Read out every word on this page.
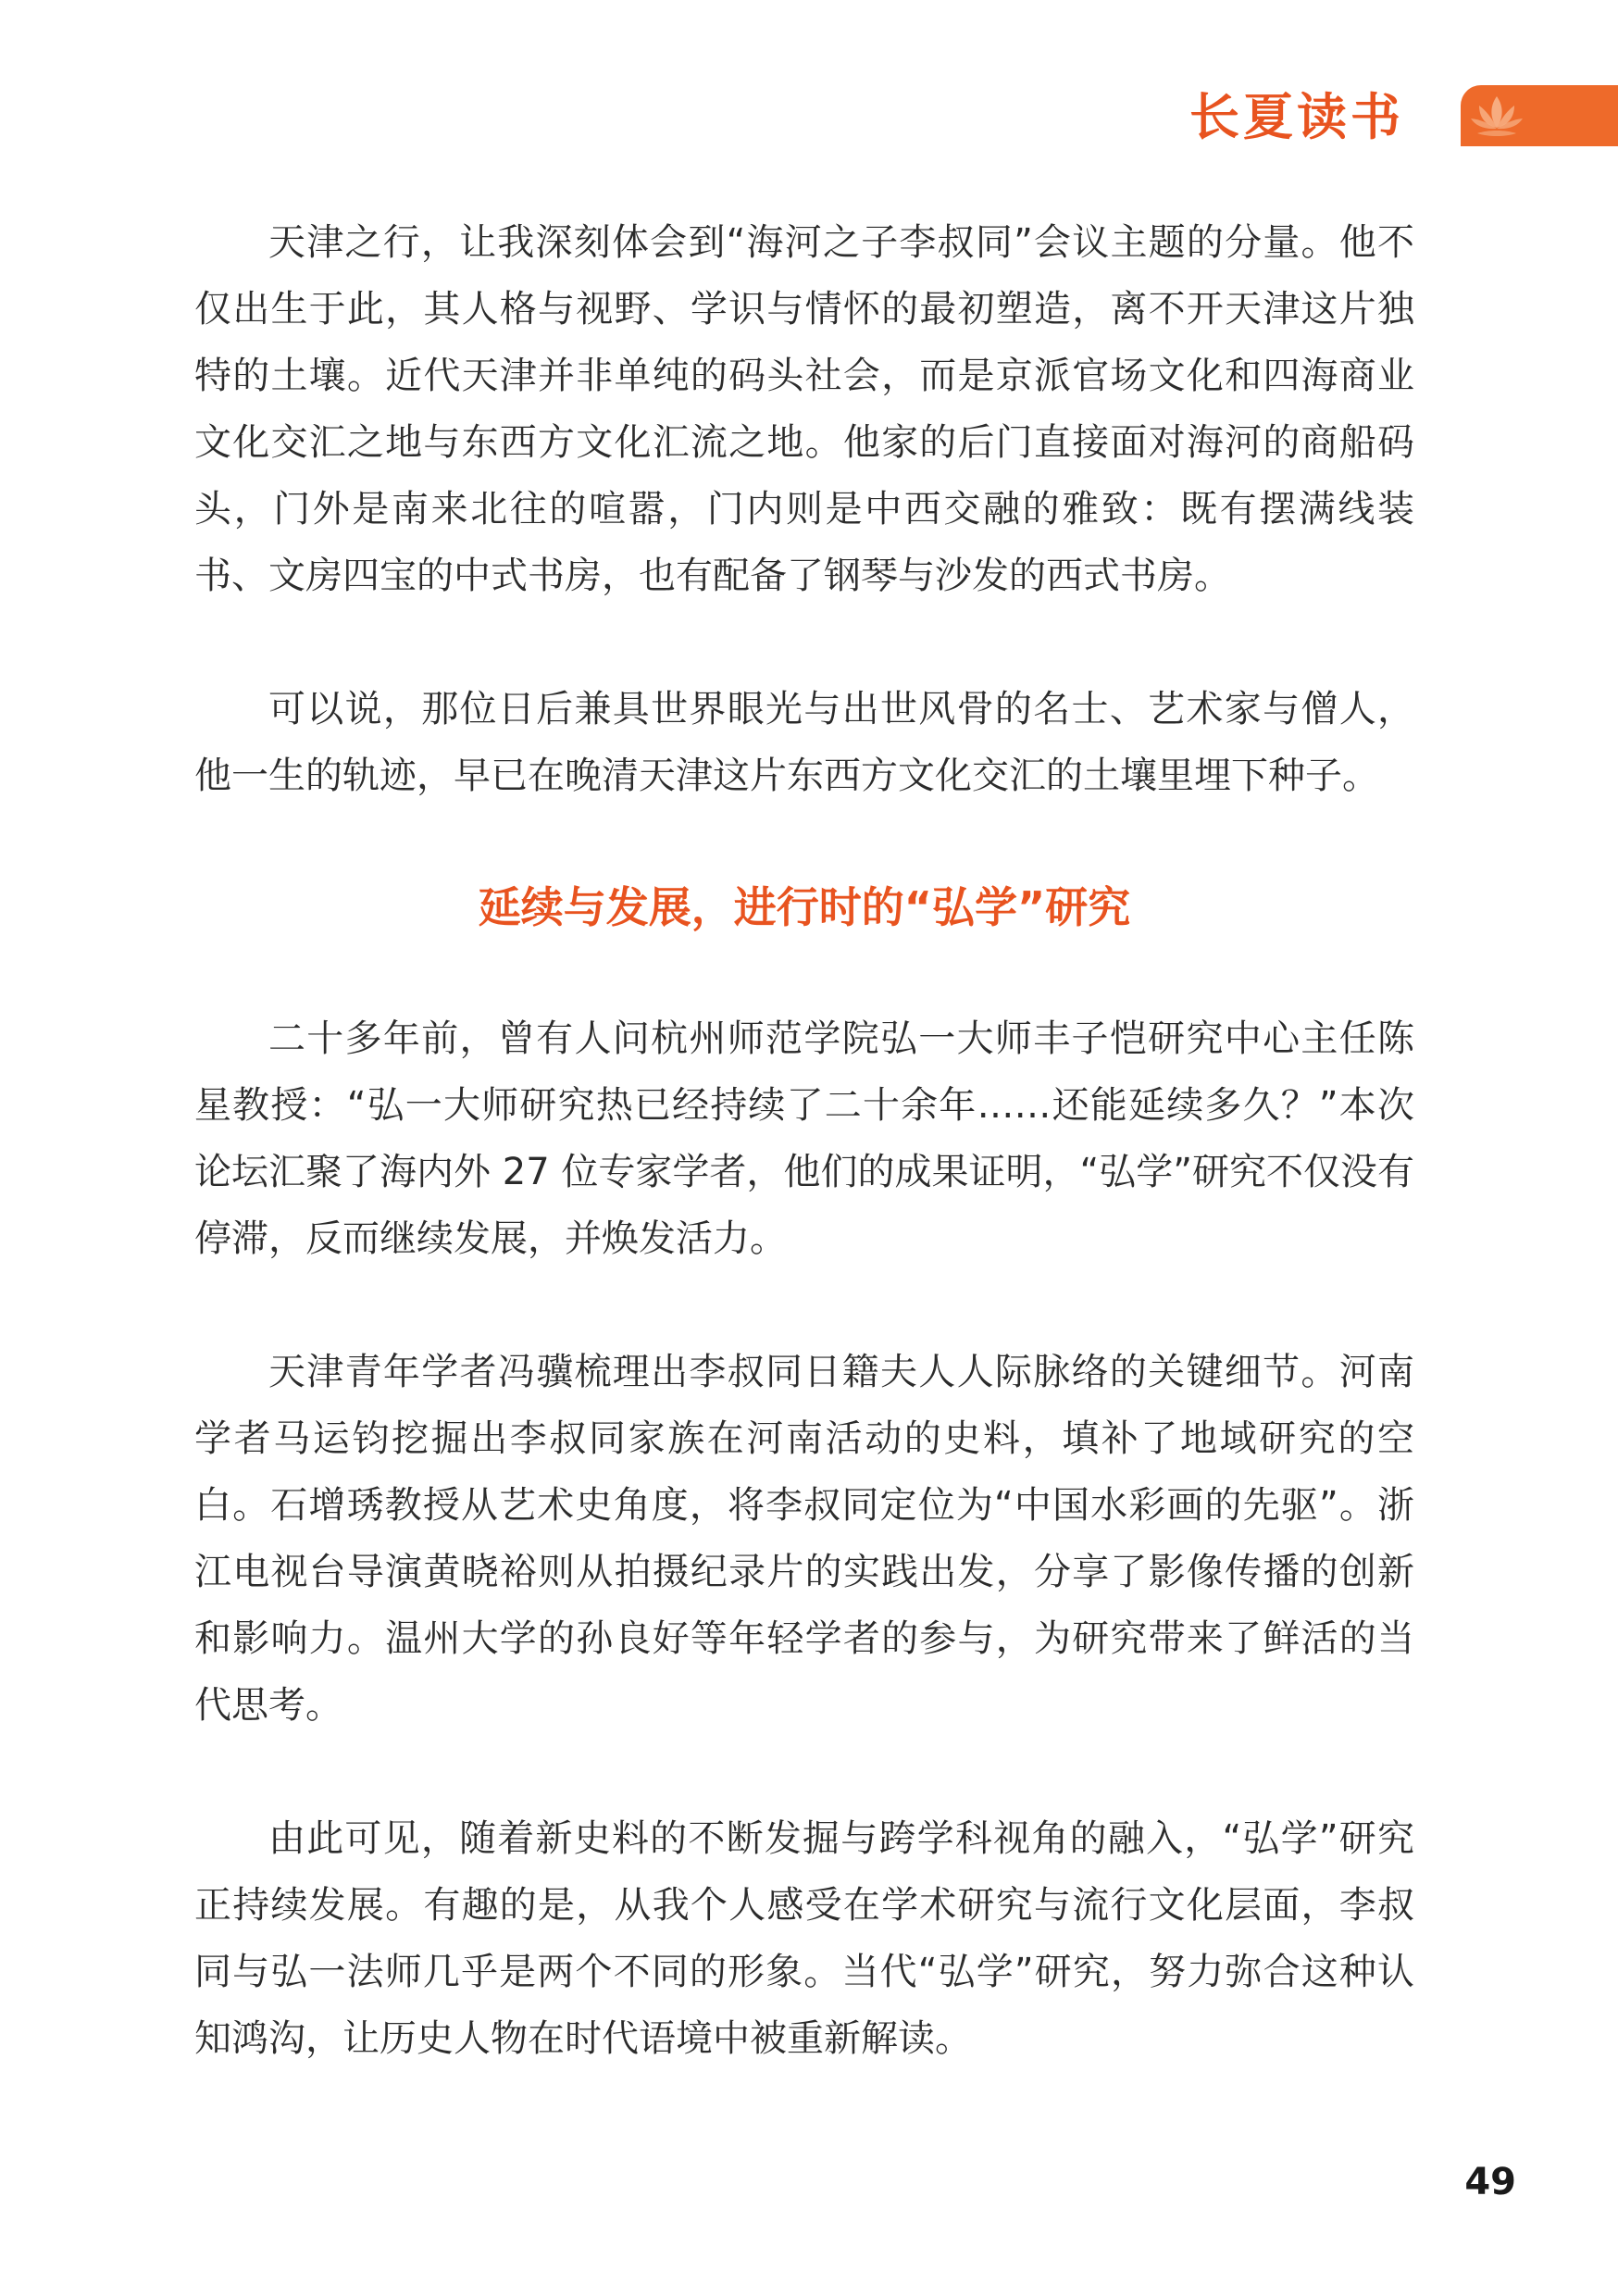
长夏读书

天津之行，让我深刻体会到“海河之子李叔同”会议主题的分量。他不仅出生于此，其人格与视野、学识与情怀的最初塑造，离不开天津这片独特的土壤。近代天津并非单纯的码头社会，而是京派官场文化和四海商业文化交汇之地与东西方文化汇流之地。他家的后门直接面对海河的商船码头，门外是南来北往的喧嚣，门内则是中西交融的雅致：既有摆满线装书、文房四宝的中式书房，也有配备了钢琴与沙发的西式书房。

可以说，那位日后兼具世界眼光与出世风骨的名士、艺术家与僧人，他一生的轨迹，早已在晚清天津这片东西方文化交汇的土壤里埋下种子。

延续与发展，进行时的“弘学”研究

二十多年前，曾有人问杭州师范学院弘一大师丰子恺研究中心主任陈星教授：“弘一大师研究热已经持续了二十余年……还能延续多久？”本次论坛汇聚了海内外 27 位专家学者，他们的成果证明，“弘学”研究不仅没有停滞，反而继续发展，并焕发活力。

天津青年学者冯骥梳理出李叔同日籍夫人人际脉络的关键细节。河南学者马运钧挖掘出李叔同家族在河南活动的史料，填补了地域研究的空白。石增琇教授从艺术史角度，将李叔同定位为“中国水彩画的先驱”。浙江电视台导演黄晓裕则从拍摄纪录片的实践出发，分享了影像传播的创新和影响力。温州大学的孙良好等年轻学者的参与，为研究带来了鲜活的当代思考。

由此可见，随着新史料的不断发掘与跨学科视角的融入，“弘学”研究正持续发展。有趣的是，从我个人感受在学术研究与流行文化层面，李叔同与弘一法师几乎是两个不同的形象。当代“弘学”研究，努力弥合这种认知鸿沟，让历史人物在时代语境中被重新解读。

49
